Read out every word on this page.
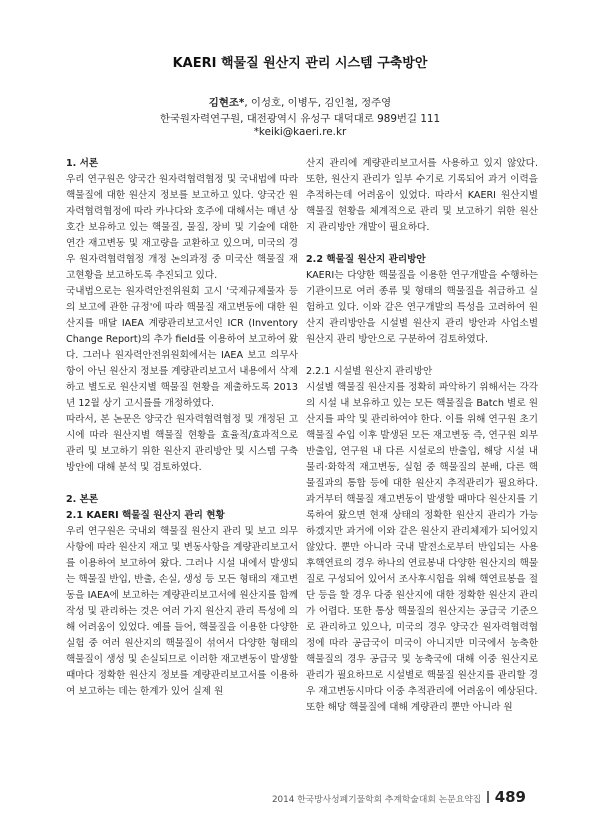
KAERI 핵물질 원산지 관리 시스템 구축방안
김현조*, 이성호, 이병두, 김인철, 정주영
한국원자력연구원, 대전광역시 유성구 대덕대로 989번길 111
*keiki@kaeri.re.kr

1. 서론

우리 연구원은 양국간 원자력협력협정 및 국내법에 따라 핵물질에 대한 원산지 정보를 보고하고 있다. 양국간 원자력협력협정에 따라 카나다와 호주에 대해서는 매년 상호간 보유하고 있는 핵물질, 물질, 장비 및 기술에 대한 연간 재고변동 및 재고량을 교환하고 있으며, 미국의 경우 원자력협력협정 개정 논의과정 중 미국산 핵물질 재고현황을 보고하도록 추진되고 있다.

국내법으로는 원자력안전위원회 고시 '국제규제물자 등의 보고에 관한 규정'에 따라 핵물질 재고변동에 대한 원산지를 매달 IAEA 계량관리보고서인 ICR (Inventory Change Report)의 추가 field를 이용하여 보고하여 왔다. 그러나 원자력안전위원회에서는 IAEA 보고 의무사항이 아닌 원산지 정보를 계량관리보고서 내용에서 삭제하고 별도로 원산지별 핵물질 현황을 제출하도록 2013년 12월 상기 고시를를 개정하였다.

따라서, 본 논문은 양국간 원자력협력협정 및 개정된 고시에 따라 원산지별 핵물질 현황을 효율적/효과적으로 관리 및 보고하기 위한 원산지 관리방안 및 시스템 구축방안에 대해 분석 및 검토하였다.

2. 본론

2.1 KAERI 핵물질 원산지 관리 현황

우리 연구원은 국내외 핵물질 원산지 관리 및 보고 의무사항에 따라 원산지 재고 및 변동사항을 계량관리보고서를 이용하여 보고하여 왔다. 그러나 시설 내에서 발생되는 핵물질 반입, 반출, 손실, 생성 등 모든 형태의 재고변동을 IAEA에 보고하는 계량관리보고서에 원산지를 함께 작성 및 관리하는 것은 여러 가지 원산지 관리 특성에 의해 어려움이 있었다. 예를 들어, 핵물질을 이용한 다양한 실험 중 여러 원산지의 핵물질이 섞여서 다양한 형태의 핵물질이 생성 및 손실되므로 이러한 재고변동이 발생할 때마다 정확한 원산지 정보를 계량관리보고서를 이용하여 보고하는 데는 한계가 있어 실제 원

산지 관리에 계량관리보고서를 사용하고 있지 않았다. 또한, 원산지 관리가 일부 수기로 기록되어 과거 이력을 추적하는데 어려움이 있었다. 따라서 KAERI 원산지별 핵물질 현황을 체계적으로 관리 및 보고하기 위한 원산지 관리방안 개발이 필요하다.

2.2 핵물질 원산지 관리방안

KAERI는 다양한 핵물질을 이용한 연구개발을 수행하는 기관이므로 여러 종류 및 형태의 핵물질을 취급하고 실험하고 있다. 이와 같은 연구개발의 특성을 고려하여 원산지 관리방안을 시설별 원산지 관리 방안과 사업소별 원산지 관리 방안으로 구분하여 검토하였다.

2.2.1 시설별 원산지 관리방안

시설별 핵물질 원산지를 정확히 파악하기 위해서는 각각의 시설 내 보유하고 있는 모든 핵물질을 Batch 별로 원산지를 파악 및 관리하여야 한다. 이를 위해 연구원 초기 핵물질 수입 이후 발생된 모든 재고변동 즉, 연구원 외부 반출입, 연구원 내 다른 시설로의 반출입, 해당 시설 내 물리·화학적 재고변동, 실험 중 핵물질의 분배, 다른 핵물질과의 통합 등에 대한 원산지 추적관리가 필요하다. 과거부터 핵물질 재고변동이 발생할 때마다 원산지를 기록하여 왔으면 현재 상태의 정확한 원산지 관리가 가능하겠지만 과거에 이와 같은 원산지 관리체제가 되어있지 않았다. 뿐만 아니라 국내 발전소로부터 반입되는 사용후핵연료의 경우 하나의 연료봉내 다양한 원산지의 핵물질로 구성되어 있어서 조사후시험을 위해 핵연료봉을 절단 등을 할 경우 다중 원산지에 대한 정확한 원산지 관리가 어렵다. 또한 통상 핵물질의 원산지는 공급국 기준으로 관리하고 있으나, 미국의 경우 양국간 원자력협력협정에 따라 공급국이 미국이 아니지만 미국에서 농축한 핵물질의 경우 공급국 및 농축국에 대해 이중 원산지로 관리가 필요하므로 시설별로 핵물질 원산지를 관리할 경우 재고변동시마다 이중 추적관리에 어려움이 예상된다.

또한 해당 핵물질에 대해 계량관리 뿐만 아니라 원

2014 한국방사성폐기물학회 추계학술대회 논문요약집 489
